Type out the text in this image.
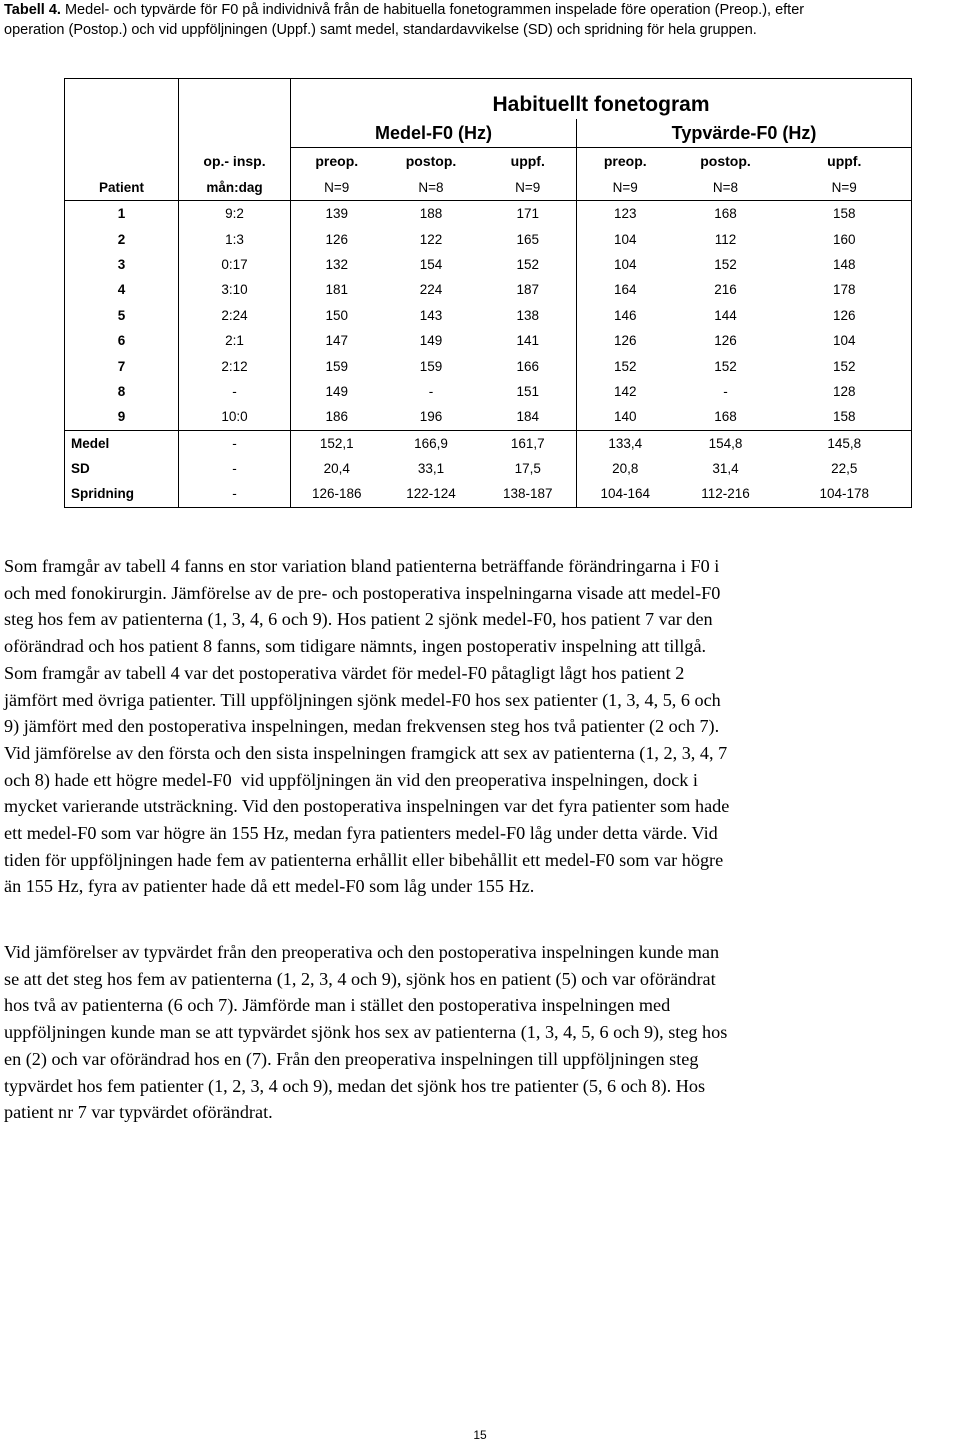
Tabell 4. Medel- och typvärde för F0 på individnivå från de habituella fonetogrammen inspelade före operation (Preop.), efter operation (Postop.) och vid uppföljningen (Uppf.) samt medel, standardavvikelse (SD) och spridning för hela gruppen.
		Habituellt fonetogram					
		Medel-F0 (Hz)			Typvärde-F0 (Hz)		
	op.- insp.	preop.	postop.	uppf.	preop.	postop.	uppf.
Patient	mån:dag	N=9	N=8	N=9	N=9	N=8	N=9
1	9:2	139	188	171	123	168	158
2	1:3	126	122	165	104	112	160
3	0:17	132	154	152	104	152	148
4	3:10	181	224	187	164	216	178
5	2:24	150	143	138	146	144	126
6	2:1	147	149	141	126	126	104
7	2:12	159	159	166	152	152	152
8	-	149	-	151	142	-	128
9	10:0	186	196	184	140	168	158
Medel	-	152,1	166,9	161,7	133,4	154,8	145,8
SD	-	20,4	33,1	17,5	20,8	31,4	22,5
Spridning	-	126-186	122-124	138-187	104-164	112-216	104-178
Som framgår av tabell 4 fanns en stor variation bland patienterna beträffande förändringarna i F0 i
och med fonokirurgin. Jämförelse av de pre- och postoperativa inspelningarna visade att medel-F0
steg hos fem av patienterna (1, 3, 4, 6 och 9). Hos patient 2 sjönk medel-F0, hos patient 7 var den
oförändrad och hos patient 8 fanns, som tidigare nämnts, ingen postoperativ inspelning att tillgå.
Som framgår av tabell 4 var det postoperativa värdet för medel-F0 påtagligt lågt hos patient 2
jämfört med övriga patienter. Till uppföljningen sjönk medel-F0 hos sex patienter (1, 3, 4, 5, 6 och
9) jämfört med den postoperativa inspelningen, medan frekvensen steg hos två patienter (2 och 7).
Vid jämförelse av den första och den sista inspelningen framgick att sex av patienterna (1, 2, 3, 4, 7
och 8) hade ett högre medel-F0  vid uppföljningen än vid den preoperativa inspelningen, dock i
mycket varierande utsträckning. Vid den postoperativa inspelningen var det fyra patienter som hade
ett medel-F0 som var högre än 155 Hz, medan fyra patienters medel-F0 låg under detta värde. Vid
tiden för uppföljningen hade fem av patienterna erhållit eller bibehållit ett medel-F0 som var högre
än 155 Hz, fyra av patienter hade då ett medel-F0 som låg under 155 Hz.
Vid jämförelser av typvärdet från den preoperativa och den postoperativa inspelningen kunde man
se att det steg hos fem av patienterna (1, 2, 3, 4 och 9), sjönk hos en patient (5) och var oförändrat
hos två av patienterna (6 och 7). Jämförde man i stället den postoperativa inspelningen med
uppföljningen kunde man se att typvärdet sjönk hos sex av patienterna (1, 3, 4, 5, 6 och 9), steg hos
en (2) och var oförändrad hos en (7). Från den preoperativa inspelningen till uppföljningen steg
typvärdet hos fem patienter (1, 2, 3, 4 och 9), medan det sjönk hos tre patienter (5, 6 och 8). Hos
patient nr 7 var typvärdet oförändrat.
15
